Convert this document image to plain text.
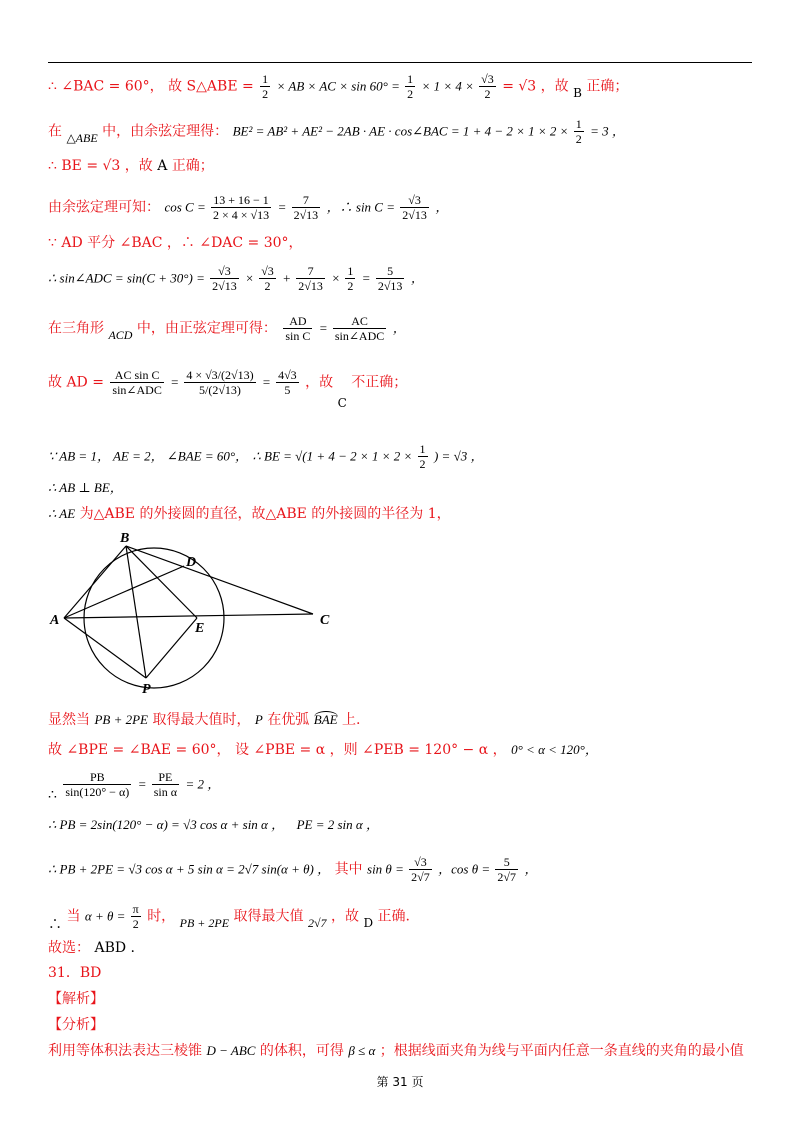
∴ ∠BAC = 60°， 故 S△ABE = $\frac{1}{2}$ × AB × AC × $\sin 60^\circ = \frac{1}{2} \times 1 \times 4 \times \frac{√3}{2} = √3$ ，故 B 正确；
在 △ABE 中，由余弦定理得： BE² = AB² + AE² − 2AB · AE · cos∠BAC = $1 + 4 - 2 \times 1 \times 2 \times \frac{1}{2} = 3$ ，
∴ BE = √3 ，故 A 正确；
由余弦定理可知： $\cos C = \frac{13 + 16 - 1}{2 \times 4 \times √13} = \frac{7}{2√13}$ ，∴ $\sin C = \frac{√3}{2√13}$ ，
∵ AD 平分 ∠BAC ，∴ ∠DAC = 30°，
∴ sin∠ADC = $\sin(C + 30^\circ) = \frac{√3}{2√13} \times \frac{√3}{2} + \frac{7}{2√13} \times \frac{1}{2} = \frac{5}{2√13}$ ，
在三角形 ACD 中，由正弦定理可得： $\frac{AD}{\text{sin C}} = \frac{AC}{\text{sin∠ADC}}$ ，
故 AD = $\frac{\text{AC sin C}}{\text{sin∠ADC}} = \frac{4 \times √3/(2√13)}{5/(2√13)} = \frac{4√3}{5}$ ，故 C 不正确；
∵ AB = 1， AE = 2， ∠BAE = 60°， ∴ BE = $√(1 + 4 - 2 \times 1 \times 2 \times \frac{1}{2}$ ) = √3 ，
∴ AB ⊥ BE，
∴ AE 为△ABE 的外接圆的直径，故△ABE 的外接圆的半径为 1，
B
D
A
E
C
P
显然当 PB + 2PE 取得最大值时， P 在优弧 BAE 上.
故 ∠BPE = ∠BAE = 60°， 设 ∠PBE = α ，则 ∠PEB = 120° − α ， 0° < α < 120°，
∴ $\frac{PB}{\sin(120^\circ - \alpha)} = \frac{PE}{\text{sin α}} = 2$ ，
∴ PB = 2sin(120° − α) = √3 cos α + sin α ， PE = 2 sin α ，
∴ PB + 2PE = √3 cos α + 5 sin α = 2√7 sin(α + θ) ， 其中 $\sin \theta = \frac{√3}{2√7}$ ，$\cos \theta = \frac{5}{2√7}$ ，
∴ 当 $\alpha + \theta = \frac{\pi}{2}$ 时， PB + 2PE 取得最大值 2√7 ，故 D 正确.
故选： ABD .
31．BD
【解析】
【分析】
利用等体积法表达三棱锥 D − ABC 的体积，可得 β ≤ α ；根据线面夹角为线与平面内任意一条直线的夹角的最小值
第 31 页
